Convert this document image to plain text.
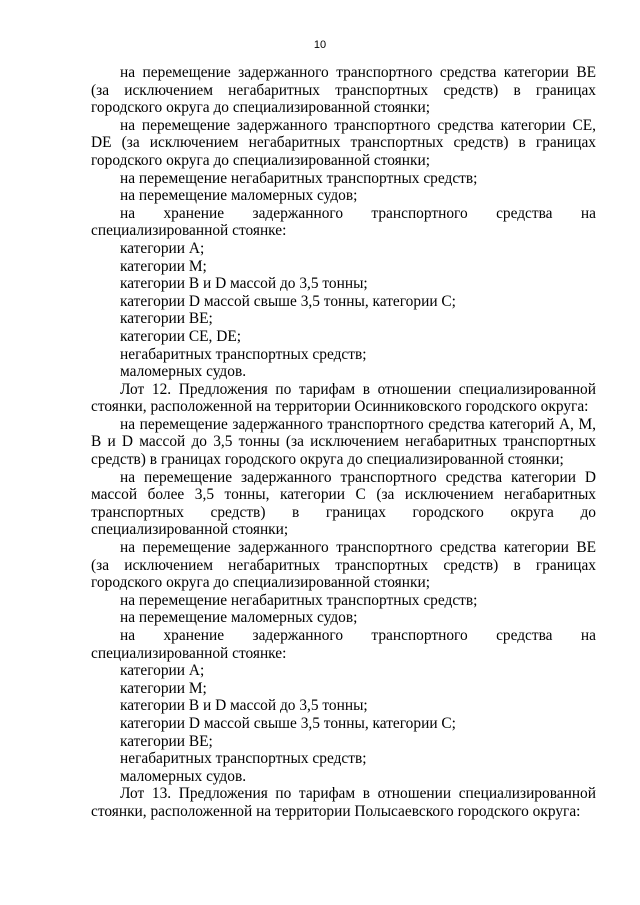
10

на перемещение задержанного транспортного средства категории ВЕ (за исключением негабаритных транспортных средств) в границах городского округа до специализированной стоянки;

на перемещение задержанного транспортного средства категории СЕ, DE (за исключением негабаритных транспортных средств) в границах городского округа до специализированной стоянки;

на перемещение негабаритных транспортных средств;

на перемещение маломерных судов;

на хранение задержанного транспортного средства на специализированной стоянке:

категории А;

категории М;

категории В и D массой до 3,5 тонны;

категории D массой свыше 3,5 тонны, категории С;

категории ВЕ;

категории СЕ, DE;

негабаритных транспортных средств;

маломерных судов.

Лот 12. Предложения по тарифам в отношении специализированной стоянки, расположенной на территории Осинниковского городского округа:

на перемещение задержанного транспортного средства категорий А, М, В и D массой до 3,5 тонны (за исключением негабаритных транспортных средств) в границах городского округа до специализированной стоянки;

на перемещение задержанного транспортного средства категории D массой более 3,5 тонны, категории С (за исключением негабаритных транспортных средств) в границах городского округа до специализированной стоянки;

на перемещение задержанного транспортного средства категории ВЕ (за исключением негабаритных транспортных средств) в границах городского округа до специализированной стоянки;

на перемещение негабаритных транспортных средств;

на перемещение маломерных судов;

на хранение задержанного транспортного средства на специализированной стоянке:

категории А;

категории М;

категории В и D массой до 3,5 тонны;

категории D массой свыше 3,5 тонны, категории С;

категории ВЕ;

негабаритных транспортных средств;

маломерных судов.

Лот 13. Предложения по тарифам в отношении специализированной стоянки, расположенной на территории Полысаевского городского округа:
